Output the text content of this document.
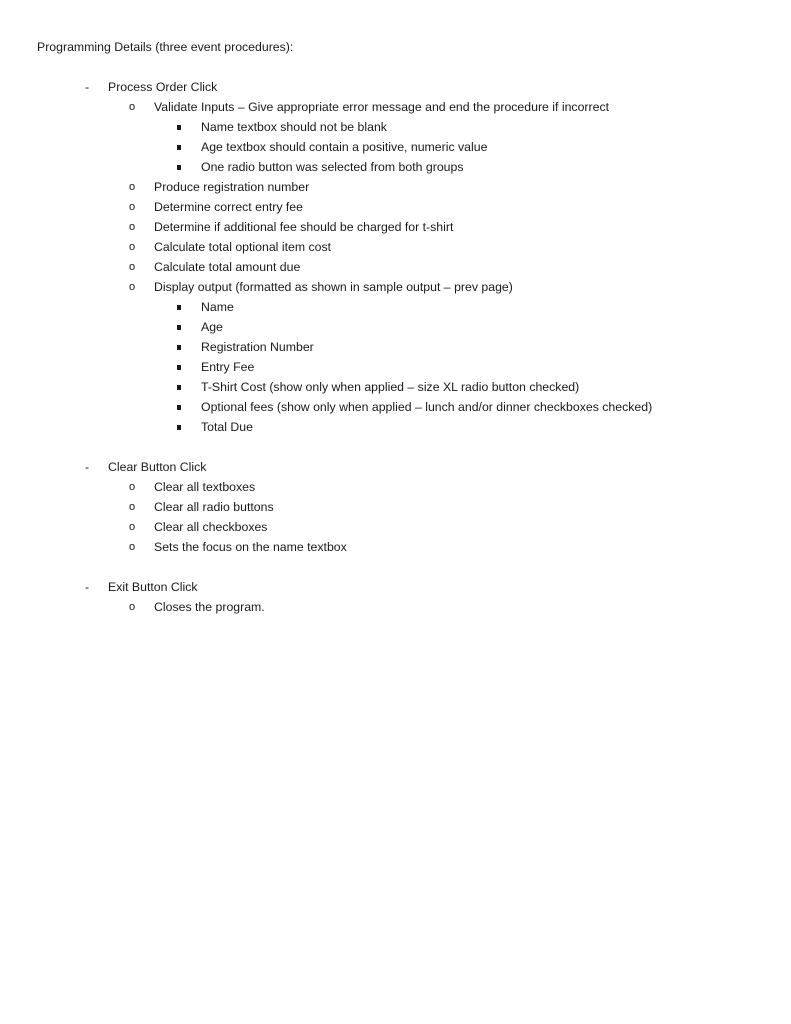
Programming Details (three event procedures):
- Process Order Click
o Validate Inputs – Give appropriate error message and end the procedure if incorrect
Name textbox should not be blank
Age textbox should contain a positive, numeric value
One radio button was selected from both groups
o Produce registration number
o Determine correct entry fee
o Determine if additional fee should be charged for t-shirt
o Calculate total optional item cost
o Calculate total amount due
o Display output (formatted as shown in sample output – prev page)
Name
Age
Registration Number
Entry Fee
T-Shirt Cost (show only when applied – size XL radio button checked)
Optional fees (show only when applied – lunch and/or dinner checkboxes checked)
Total Due
- Clear Button Click
o Clear all textboxes
o Clear all radio buttons
o Clear all checkboxes
o Sets the focus on the name textbox
- Exit Button Click
o Closes the program.
